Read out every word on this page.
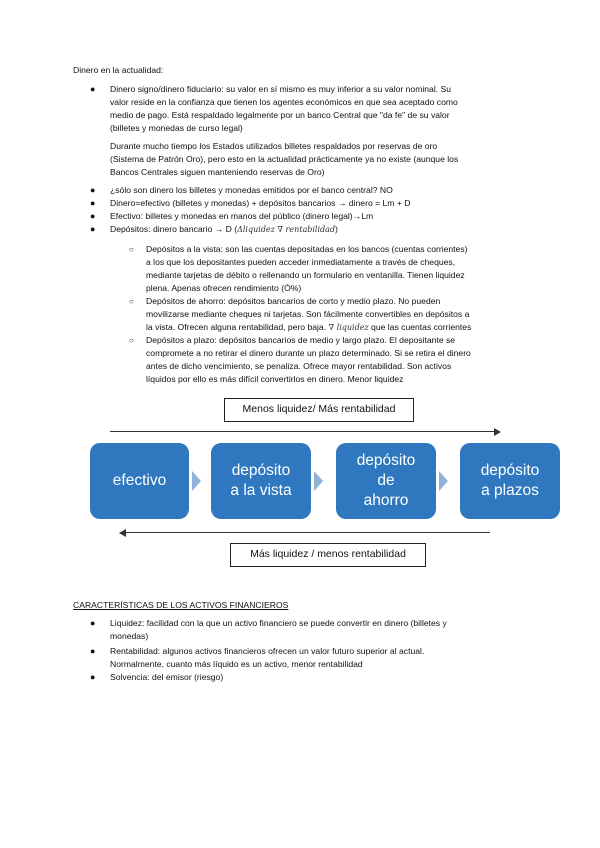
Dinero en la actualidad:
● Dinero signo/dinero fiduciario: su valor en sí mismo es muy inferior a su valor nominal. Su
valor reside en la confianza que tienen los agentes económicos en que sea aceptado como
medio de pago. Está respaldado legalmente por un banco Central que "da fe" de su valor
(billetes y monedas de curso legal)
Durante mucho tiempo los Estados utilizados billetes respaldados por reservas de oro
(Sistema de Patrón Oro), pero esto en la actualidad prácticamente ya no existe (aunque los
Bancos Centrales siguen manteniendo reservas de Oro)
● ¿sólo son dinero los billetes y monedas emitidos por el banco central? NO
● Dinero=efectivo (billetes y monedas) + depósitos bancarios → dinero = Lm + D
● Efectivo: billetes y monedas en manos del público (dinero legal)→Lm
● Depósitos: dinero bancario → D (Δliquidez ∇ rentabilidad)
○ Depósitos a la vista: son las cuentas depositadas en los bancos (cuentas corrientes)
a los que los depositantes pueden acceder inmediatamente a través de cheques,
mediante tarjetas de débito o rellenando un formulario en ventanilla. Tienen liquidez
plena. Apenas ofrecen rendimiento (Ò%)
○ Depósitos de ahorro: depósitos bancarios de corto y medio plazo. No pueden
movilizarse mediante cheques ni tarjetas. Son fácilmente convertibles en depósitos a
la vista. Ofrecen alguna rentabilidad, pero baja. ∇ liquidez que las cuentas corrientes
○ Depósitos a plazo: depósitos bancarios de medio y largo plazo. El depositante se
compromete a no retirar el dinero durante un plazo determinado. Si se retira el dinero
antes de dicho vencimiento, se penaliza. Ofrece mayor rentabilidad. Son activos
líquidos por ello es más difícil convertirlos en dinero. Menor liquidez
Menos liquidez/ Más rentabilidad
efectivo
depósito
a la vista
depósito
de
ahorro
depósito
a plazos
Más liquidez / menos rentabilidad
CARACTERÍSTICAS DE LOS ACTIVOS FINANCIEROS
● Liquidez: facilidad con la que un activo financiero se puede convertir en dinero (billetes y
monedas)
● Rentabilidad: algunos activos financieros ofrecen un valor futuro superior al actual.
Normalmente, cuanto más líquido es un activo, menor rentabilidad
● Solvencia: del emisor (riesgo)
